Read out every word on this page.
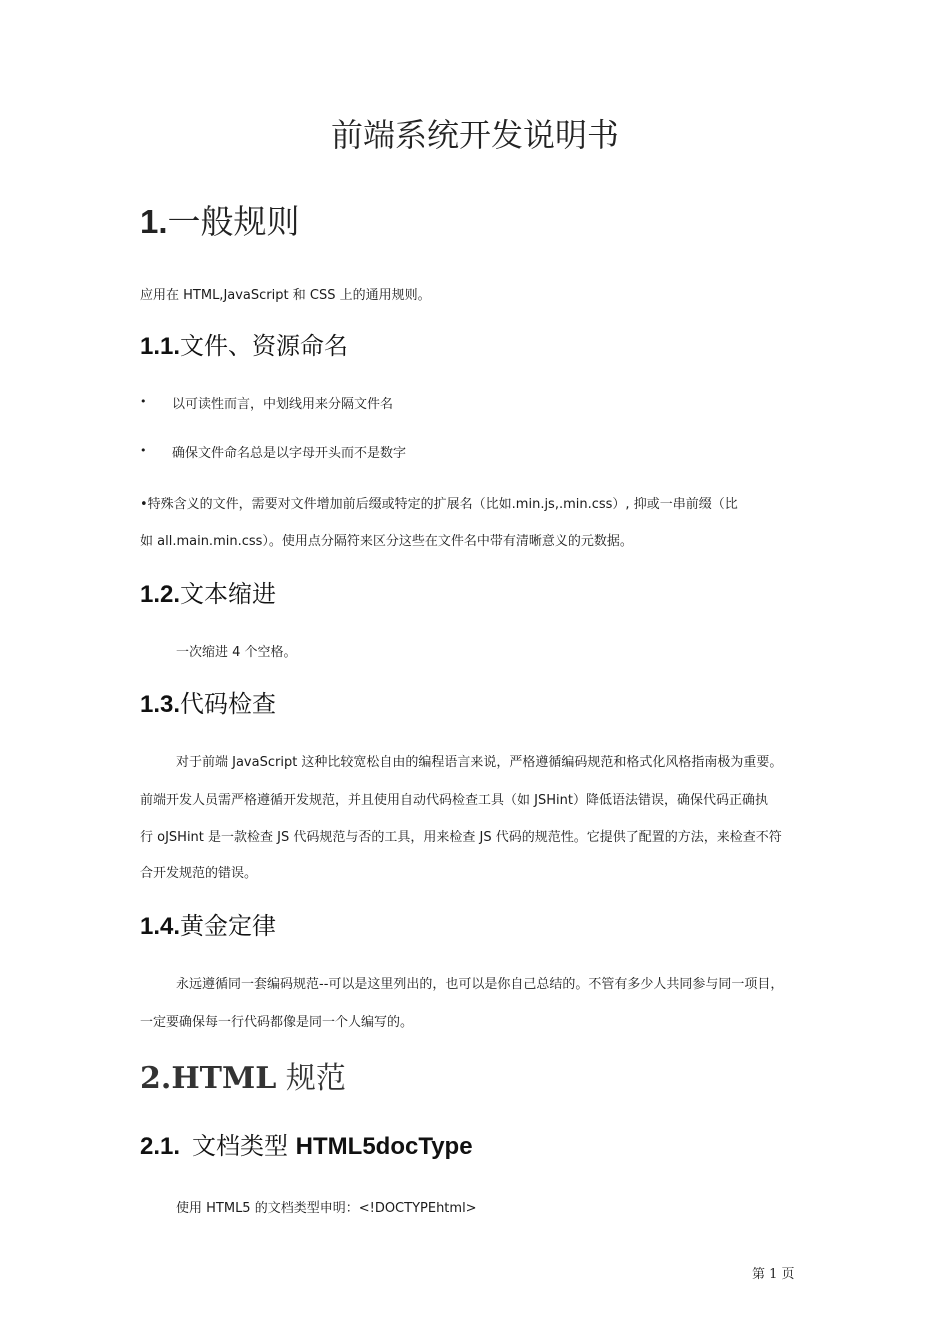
前端系统开发说明书
1.一般规则
应用在 HTML,JavaScript 和 CSS 上的通用规则。
1.1.文件、资源命名
• 以可读性而言，中划线用来分隔文件名
• 确保文件命名总是以字母开头而不是数字
•特殊含义的文件，需要对文件增加前后缀或特定的扩展名（比如.min.js,.min.css）, 抑或一串前缀（比
如 all.main.min.css）。使用点分隔符来区分这些在文件名中带有清晰意义的元数据。
1.2.文本缩进
一次缩进 4 个空格。
1.3.代码检查
对于前端 JavaScript 这种比较宽松自由的编程语言来说，严格遵循编码规范和格式化风格指南极为重要。
前端开发人员需严格遵循开发规范，并且使用自动代码检查工具（如 JSHint）降低语法错误，确保代码正确执
行 oJSHint 是一款检查 JS 代码规范与否的工具，用来检查 JS 代码的规范性。它提供了配置的方法，来检查不符
合开发规范的错误。
1.4.黄金定律
永远遵循同一套编码规范--可以是这里列出的，也可以是你自己总结的。不管有多少人共同参与同一项目，
一定要确保每一行代码都像是同一个人编写的。
2.HTML 规范
2.1. 文档类型 HTML5docType
使用 HTML5 的文档类型申明：<!DOCTYPEhtml>
第 1 页
